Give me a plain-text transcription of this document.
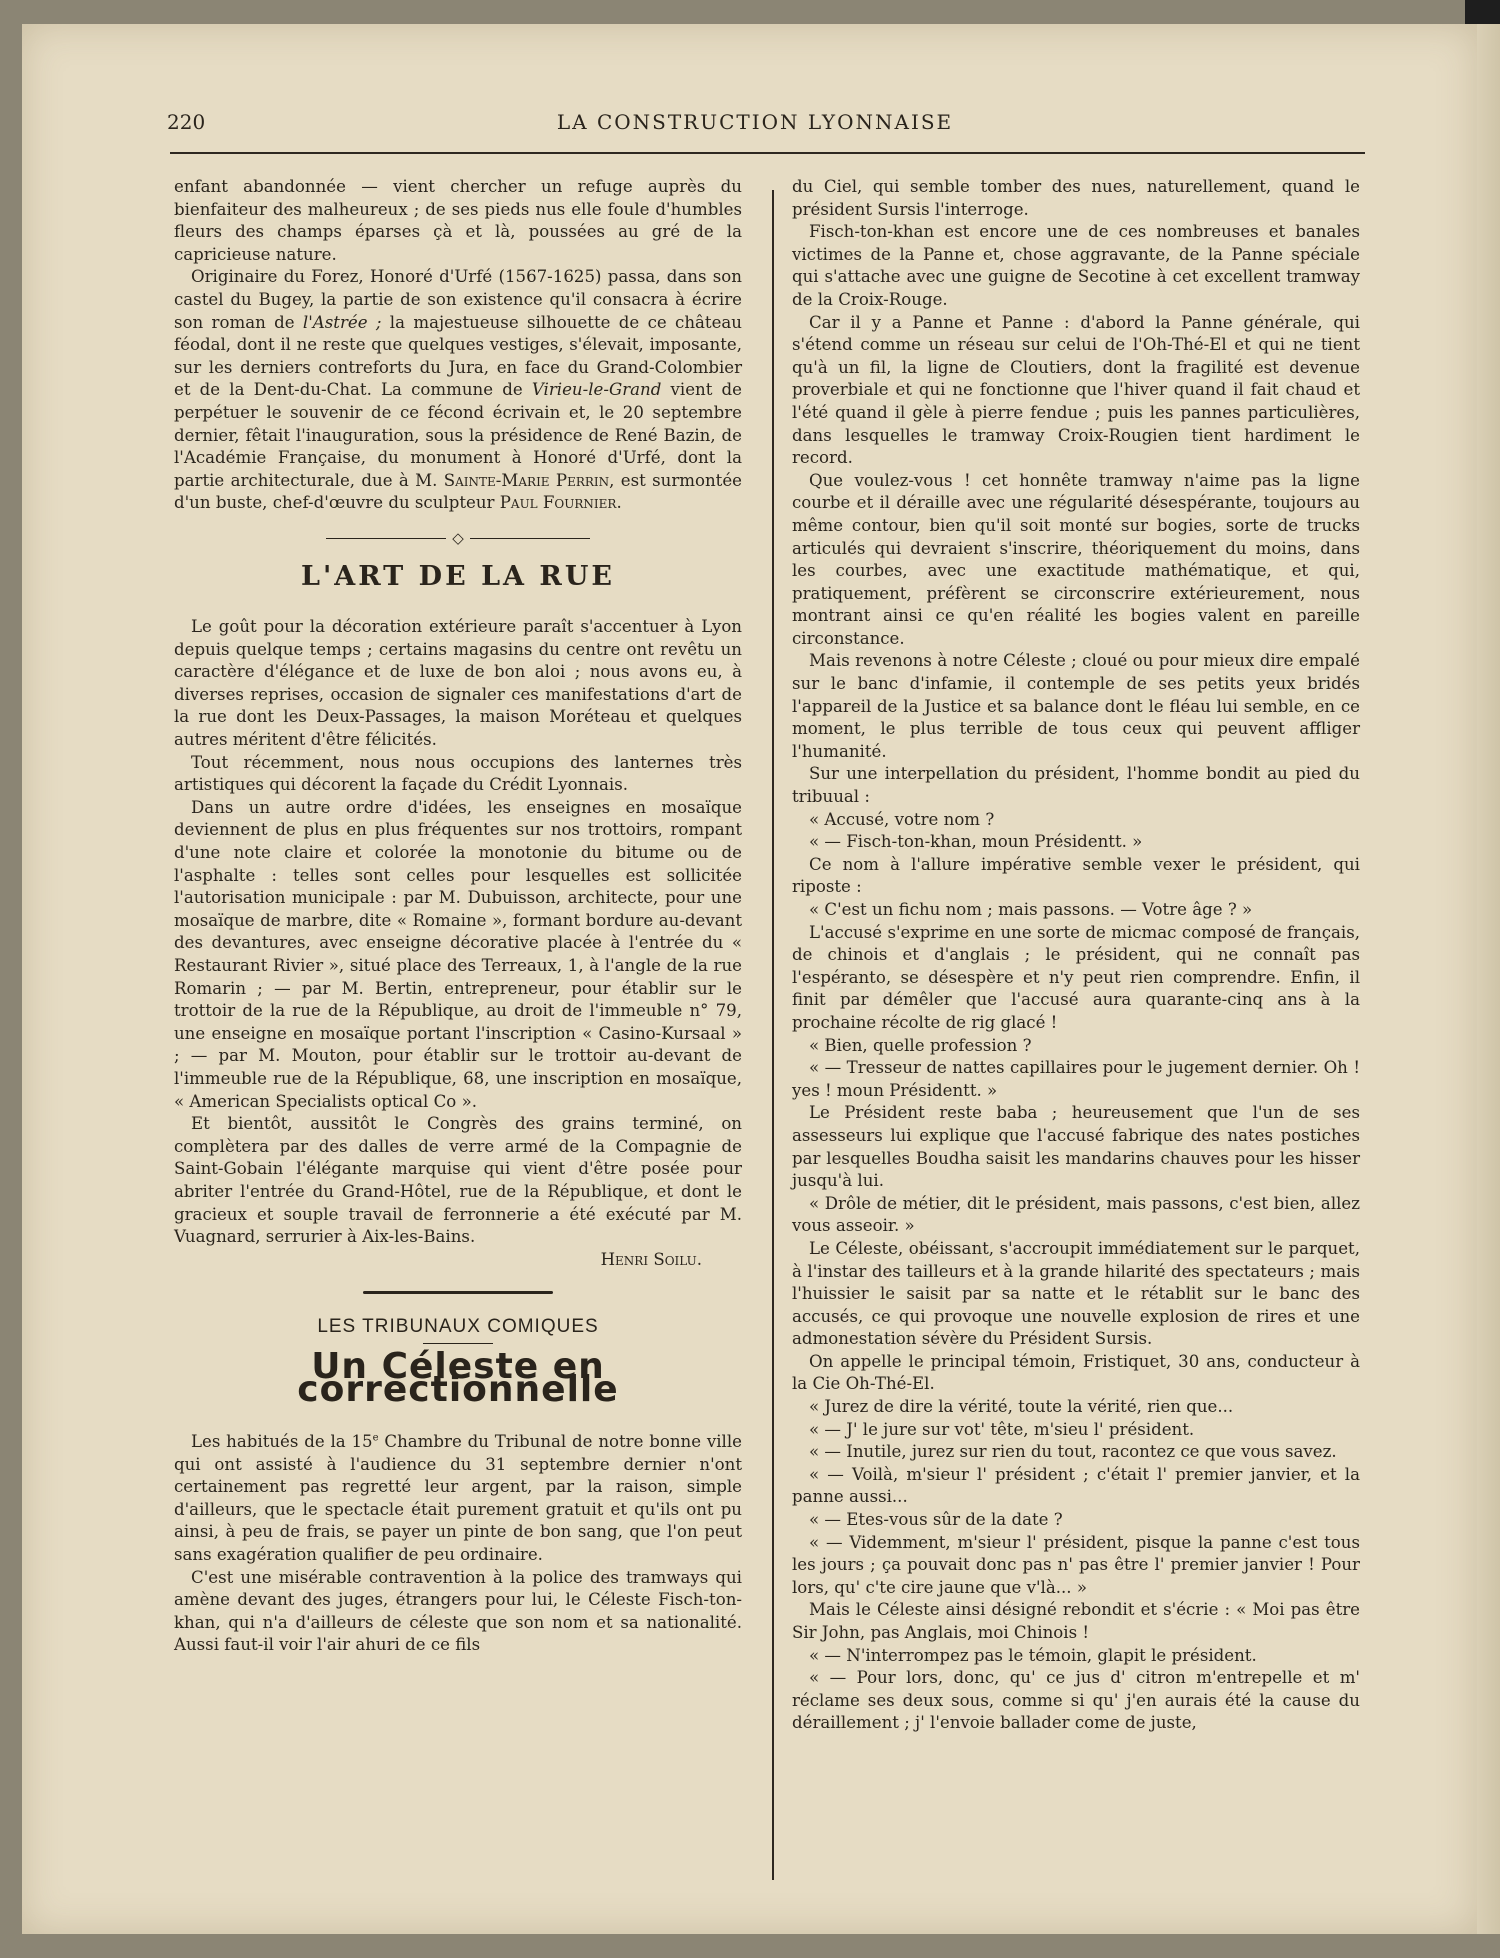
220	LA CONSTRUCTION LYONNAISE

enfant abandonnée — vient chercher un refuge auprès du bienfaiteur des malheureux ; de ses pieds nus elle foule d'humbles fleurs des champs éparses çà et là, poussées au gré de la capricieuse nature.

Originaire du Forez, Honoré d'Urfé (1567-1625) passa, dans son castel du Bugey, la partie de son existence qu'il consacra à écrire son roman de l'Astrée ; la majestueuse silhouette de ce château féodal, dont il ne reste que quelques vestiges, s'élevait, imposante, sur les derniers contreforts du Jura, en face du Grand-Colombier et de la Dent-du-Chat. La commune de Virieu-le-Grand vient de perpétuer le souvenir de ce fécond écrivain et, le 20 septembre dernier, fêtait l'inauguration, sous la présidence de René Bazin, de l'Académie Française, du monument à Honoré d'Urfé, dont la partie architecturale, due à M. Sainte-Marie Perrin, est surmontée d'un buste, chef-d'œuvre du sculpteur Paul Fournier.

◇
L'ART DE LA RUE

Le goût pour la décoration extérieure paraît s'accentuer à Lyon depuis quelque temps ; certains magasins du centre ont revêtu un caractère d'élégance et de luxe de bon aloi ; nous avons eu, à diverses reprises, occasion de signaler ces manifestations d'art de la rue dont les Deux-Passages, la maison Moréteau et quelques autres méritent d'être félicités.

Tout récemment, nous nous occupions des lanternes très artistiques qui décorent la façade du Crédit Lyonnais.

Dans un autre ordre d'idées, les enseignes en mosaïque deviennent de plus en plus fréquentes sur nos trottoirs, rompant d'une note claire et colorée la monotonie du bitume ou de l'asphalte : telles sont celles pour lesquelles est sollicitée l'autorisation municipale : par M. Dubuisson, architecte, pour une mosaïque de marbre, dite « Romaine », formant bordure au-devant des devantures, avec enseigne décorative placée à l'entrée du « Restaurant Rivier », situé place des Terreaux, 1, à l'angle de la rue Romarin ; — par M. Bertin, entrepreneur, pour établir sur le trottoir de la rue de la République, au droit de l'immeuble n° 79, une enseigne en mosaïque portant l'inscription « Casino-Kursaal » ; — par M. Mouton, pour établir sur le trottoir au-devant de l'immeuble rue de la République, 68, une inscription en mosaïque, « American Specialists optical Co ».

Et bientôt, aussitôt le Congrès des grains terminé, on complètera par des dalles de verre armé de la Compagnie de Saint-Gobain l'élégante marquise qui vient d'être posée pour abriter l'entrée du Grand-Hôtel, rue de la République, et dont le gracieux et souple travail de ferronnerie a été exécuté par M. Vuagnard, serrurier à Aix-les-Bains.

Henri Soilu.
LES TRIBUNAUX COMIQUES
Un Céleste en correctionnelle

Les habitués de la 15e Chambre du Tribunal de notre bonne ville qui ont assisté à l'audience du 31 septembre dernier n'ont certainement pas regretté leur argent, par la raison, simple d'ailleurs, que le spectacle était purement gratuit et qu'ils ont pu ainsi, à peu de frais, se payer un pinte de bon sang, que l'on peut sans exagération qualifier de peu ordinaire.

C'est une misérable contravention à la police des tramways qui amène devant des juges, étrangers pour lui, le Céleste Fisch-ton-khan, qui n'a d'ailleurs de céleste que son nom et sa nationalité. Aussi faut-il voir l'air ahuri de ce fils

du Ciel, qui semble tomber des nues, naturellement, quand le président Sursis l'interroge.

Fisch-ton-khan est encore une de ces nombreuses et banales victimes de la Panne et, chose aggravante, de la Panne spéciale qui s'attache avec une guigne de Secotine à cet excellent tramway de la Croix-Rouge.

Car il y a Panne et Panne : d'abord la Panne générale, qui s'étend comme un réseau sur celui de l'Oh-Thé-El et qui ne tient qu'à un fil, la ligne de Cloutiers, dont la fragilité est devenue proverbiale et qui ne fonctionne que l'hiver quand il fait chaud et l'été quand il gèle à pierre fendue ; puis les pannes particulières, dans lesquelles le tramway Croix-Rougien tient hardiment le record.

Que voulez-vous ! cet honnête tramway n'aime pas la ligne courbe et il déraille avec une régularité désespérante, toujours au même contour, bien qu'il soit monté sur bogies, sorte de trucks articulés qui devraient s'inscrire, théoriquement du moins, dans les courbes, avec une exactitude mathématique, et qui, pratiquement, préfèrent se circonscrire extérieurement, nous montrant ainsi ce qu'en réalité les bogies valent en pareille circonstance.

Mais revenons à notre Céleste ; cloué ou pour mieux dire empalé sur le banc d'infamie, il contemple de ses petits yeux bridés l'appareil de la Justice et sa balance dont le fléau lui semble, en ce moment, le plus terrible de tous ceux qui peuvent affliger l'humanité.

Sur une interpellation du président, l'homme bondit au pied du tribuual :

« Accusé, votre nom ?

« — Fisch-ton-khan, moun Présidentt. »

Ce nom à l'allure impérative semble vexer le président, qui riposte :

« C'est un fichu nom ; mais passons. — Votre âge ? »

L'accusé s'exprime en une sorte de micmac composé de français, de chinois et d'anglais ; le président, qui ne connaît pas l'espéranto, se désespère et n'y peut rien comprendre. Enfin, il finit par démêler que l'accusé aura quarante-cinq ans à la prochaine récolte de rig glacé !

« Bien, quelle profession ?

« — Tresseur de nattes capillaires pour le jugement dernier. Oh ! yes ! moun Présidentt. »

Le Président reste baba ; heureusement que l'un de ses assesseurs lui explique que l'accusé fabrique des nates postiches par lesquelles Boudha saisit les mandarins chauves pour les hisser jusqu'à lui.

« Drôle de métier, dit le président, mais passons, c'est bien, allez vous asseoir. »

Le Céleste, obéissant, s'accroupit immédiatement sur le parquet, à l'instar des tailleurs et à la grande hilarité des spectateurs ; mais l'huissier le saisit par sa natte et le rétablit sur le banc des accusés, ce qui provoque une nouvelle explosion de rires et une admonestation sévère du Président Sursis.

On appelle le principal témoin, Fristiquet, 30 ans, conducteur à la Cie Oh-Thé-El.

« Jurez de dire la vérité, toute la vérité, rien que...

« — J' le jure sur vot' tête, m'sieu l' président.

« — Inutile, jurez sur rien du tout, racontez ce que vous savez.

« — Voilà, m'sieur l' président ; c'était l' premier janvier, et la panne aussi...

« — Etes-vous sûr de la date ?

« — Videmment, m'sieur l' président, pisque la panne c'est tous les jours ; ça pouvait donc pas n' pas être l' premier janvier ! Pour lors, qu' c'te cire jaune que v'là... »

Mais le Céleste ainsi désigné rebondit et s'écrie : « Moi pas être Sir John, pas Anglais, moi Chinois !

« — N'interrompez pas le témoin, glapit le président.

« — Pour lors, donc, qu' ce jus d' citron m'entrepelle et m' réclame ses deux sous, comme si qu' j'en aurais été la cause du déraillement ; j' l'envoie ballader come de juste,
